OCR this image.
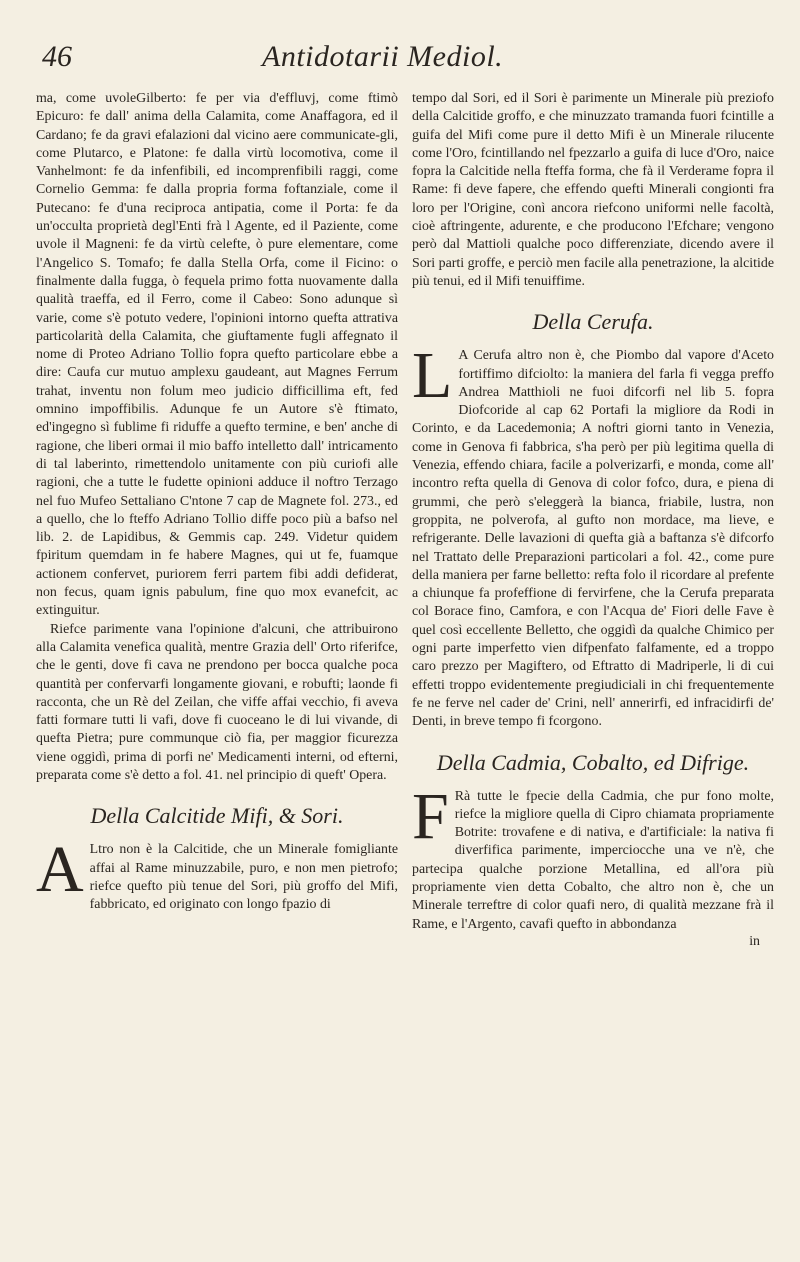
46	Antidotarii Mediol.

ma, come uvoleGilberto: fe per via d'effluvj, come ftimò Epicuro: fe dall' anima della Calamita, come Anaffagora, ed il Cardano; fe da gravi efalazioni dal vicino aere communicate-gli, come Plutarco, e Platone: fe dalla virtù locomotiva, come il Vanhelmont: fe da infenfibili, ed incomprenfibili raggi, come Cornelio Gemma: fe dalla propria forma foftanziale, come il Putecano: fe d'una reciproca antipatia, come il Porta: fe da un'occulta proprietà degl'Enti frà l Agente, ed il Paziente, come uvole il Magneni: fe da virtù celefte, ò pure elementare, come l'Angelico S. Tomafo; fe dalla Stella Orfa, come il Ficino: o finalmente dalla fugga, ò fequela primo fotta nuovamente dalla qualità traeffa, ed il Ferro, come il Cabeo: Sono adunque sì varie, come s'è potuto vedere, l'opinioni intorno quefta attrativa particolarità della Calamita, che giuftamente fugli affegnato il nome di Proteo Adriano Tollio fopra quefto particolare ebbe a dire: Caufa cur mutuo amplexu gaudeant, aut Magnes Ferrum trahat, inventu non folum meo judicio difficillima eft, fed omnino impoffibilis. Adunque fe un Autore s'è ftimato, ed'ingegno sì fublime fi riduffe a quefto termine, e ben' anche di ragione, che liberi ormai il mio baffo intelletto dall' intricamento di tal laberinto, rimettendolo unitamente con più curiofi alle ragioni, che a tutte le fudette opinioni adduce il noftro Terzago nel fuo Mufeo Settaliano C'ntone 7 cap de Magnete fol. 273., ed a quello, che lo fteffo Adriano Tollio diffe poco più a bafso nel lib. 2. de Lapidibus, & Gemmis cap. 249. Videtur quidem fpiritum quemdam in fe habere Magnes, qui ut fe, fuamque actionem confervet, puriorem ferri partem fibi addi defiderat, non fecus, quam ignis pabulum, fine quo mox evanefcit, ac extinguitur.

Riefce parimente vana l'opinione d'alcuni, che attribuirono alla Calamita venefica qualità, mentre Grazia dell' Orto riferifce, che le genti, dove fi cava ne prendono per bocca qualche poca quantità per confervarfi longamente giovani, e robufti; laonde fi racconta, che un Rè del Zeilan, che viffe affai vecchio, fi aveva fatti formare tutti li vafi, dove fi cuoceano le di lui vivande, di quefta Pietra; pure communque ciò fia, per maggior ficurezza viene oggidì, prima di porfi ne' Medicamenti interni, od efterni, preparata come s'è detto a fol. 41. nel principio di queft' Opera.

Della Calcitide Mifi, & Sori.

A Ltro non è la Calcitide, che un Minerale fomigliante affai al Rame minuzzabile, puro, e non men pietrofo; riefce quefto più tenue del Sori, più groffo del Mifi, fabbricato, ed originato con longo fpazio di

tempo dal Sori, ed il Sori è parimente un Minerale più preziofo della Calcitide groffo, e che minuzzato tramanda fuori fcintille a guifa del Mifi come pure il detto Mifi è un Minerale rilucente come l'Oro, fcintillando nel fpezzarlo a guifa di luce d'Oro, naice fopra la Calcitide nella fteffa forma, che fà il Verderame fopra il Rame: fi deve fapere, che effendo quefti Minerali congionti fra loro per l'Origine, conì ancora riefcono uniformi nelle facoltà, cioè aftringente, adurente, e che producono l'Efchare; vengono però dal Mattioli qualche poco differenziate, dicendo avere il Sori parti groffe, e perciò men facile alla penetrazione, la alcitide più tenui, ed il Mifi tenuiffime.

Della Cerufa.

L A Cerufa altro non è, che Piombo dal vapore d'Aceto fortiffimo difciolto: la maniera del farla fi vegga preffo Andrea Matthioli ne fuoi difcorfi nel lib 5. fopra Diofcoride al cap 62 Portafi la migliore da Rodi in Corinto, e da Lacedemonia; A noftri giorni tanto in Venezia, come in Genova fi fabbrica, s'ha però per più legitima quella di Venezia, effendo chiara, facile a polverizarfi, e monda, come all' incontro refta quella di Genova di color fofco, dura, e piena di grummi, che però s'eleggerà la bianca, friabile, lustra, non groppita, ne polverofa, al gufto non mordace, ma lieve, e refrigerante. Delle lavazioni di quefta già a baftanza s'è difcorfo nel Trattato delle Preparazioni particolari a fol. 42., come pure della maniera per farne belletto: refta folo il ricordare al prefente a chiunque fa profeffione di fervirfene, che la Cerufa preparata col Borace fino, Camfora, e con l'Acqua de' Fiori delle Fave è quel così eccellente Belletto, che oggidì da qualche Chimico per ogni parte imperfetto vien difpenfato falfamente, ed a troppo caro prezzo per Magiftero, od Eftratto di Madriperle, li di cui effetti troppo evidentemente pregiudiciali in chi frequentemente fe ne ferve nel cader de' Crini, nell' annerirfi, ed infracidirfi de' Denti, in breve tempo fi fcorgono.

Della Cadmia, Cobalto, ed Difrige.

F Rà tutte le fpecie della Cadmia, che pur fono molte, riefce la migliore quella di Cipro chiamata propriamente Botrite: trovafene e di nativa, e d'artificiale: la nativa fi diverfifica parimente, imperciocche una ve n'è, che partecipa qualche porzione Metallina, ed all'ora più propriamente vien detta Cobalto, che altro non è, che un Minerale terreftre di color quafi nero, di qualità mezzane frà il Rame, e l'Argento, cavafi quefto in abbondanza

in
